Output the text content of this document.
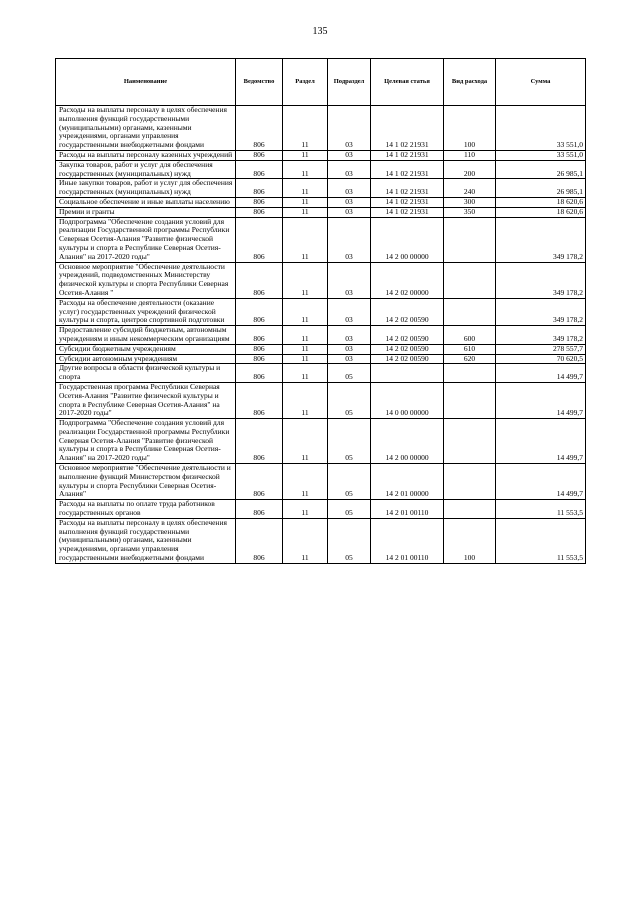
135
Наименование	Ведомство	Раздел	Подраздел	Целевая статья	Вид расхода	Сумма
Расходы на выплаты персоналу в целях обеспечения выполнения функций государственными (муниципальными) органами, казенными учреждениями, органами управления государственными внебюджетными фондами	806	11	03	14 1 02 21931	100	33 551,0
Расходы на выплаты персоналу казенных учреждений	806	11	03	14 1 02 21931	110	33 551,0
Закупка товаров, работ и услуг для обеспечения государственных (муниципальных) нужд	806	11	03	14 1 02 21931	200	26 985,1
Иные закупки товаров, работ и услуг для обеспечения государственных (муниципальных) нужд	806	11	03	14 1 02 21931	240	26 985,1
Социальное обеспечение и иные выплаты населению	806	11	03	14 1 02 21931	300	18 620,6
Премии и гранты	806	11	03	14 1 02 21931	350	18 620,6
Подпрограмма "Обеспечение создания условий для реализации Государственной программы Республики Северная Осетия-Алания "Развитие физической культуры и спорта в Республике Северная Осетия-Алания" на 2017-2020 годы"	806	11	03	14 2 00 00000		349 178,2
Основное мероприятие "Обеспечение деятельности учреждений, подведомственных Министерству физической культуры и спорта Республики Северная Осетия-Алания "	806	11	03	14 2 02 00000		349 178,2
Расходы на обеспечение деятельности (оказание услуг) государственных учреждений физической культуры и спорта, центров спортивной подготовки	806	11	03	14 2 02 00590		349 178,2
Предоставление субсидий бюджетным, автономным учреждениям и иным некоммерческим организациям	806	11	03	14 2 02 00590	600	349 178,2
Субсидии бюджетным учреждениям	806	11	03	14 2 02 00590	610	278 557,7
Субсидии автономным учреждениям	806	11	03	14 2 02 00590	620	70 620,5
Другие вопросы в области физической культуры и спорта	806	11	05			14 499,7
Государственная программа Республики Северная Осетия-Алания "Развитие физической культуры и спорта в Республике Северная Осетия-Алания" на 2017-2020 годы"	806	11	05	14 0 00 00000		14 499,7
Подпрограмма "Обеспечение создания условий для реализации Государственной программы Республики Северная Осетия-Алания "Развитие физической культуры и спорта в Республике Северная Осетия-Алания" на 2017-2020 годы"	806	11	05	14 2 00 00000		14 499,7
Основное мероприятие "Обеспечение деятельности и выполнение функций Министерством физической культуры и спорта Республики Северная Осетия-Алания"	806	11	05	14 2 01 00000		14 499,7
Расходы на выплаты по оплате труда работников государственных органов	806	11	05	14 2 01 00110		11 553,5
Расходы на выплаты персоналу в целях обеспечения выполнения функций государственными (муниципальными) органами, казенными учреждениями, органами управления государственными внебюджетными фондами	806	11	05	14 2 01 00110	100	11 553,5
